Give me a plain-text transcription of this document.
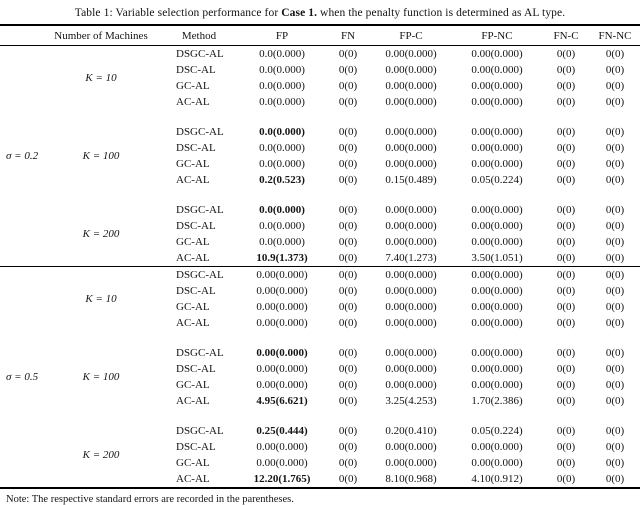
Table 1: Variable selection performance for Case 1. when the penalty function is determined as AL type.
	Number of Machines	Method	FP	FN	FP-C	FP-NC	FN-C	FN-NC
σ = 0.2	K = 10	DSGC-AL	0.0(0.000)	0(0)	0.00(0.000)	0.00(0.000)	0(0)	0(0)
		DSC-AL	0.0(0.000)	0(0)	0.00(0.000)	0.00(0.000)	0(0)	0(0)
		GC-AL	0.0(0.000)	0(0)	0.00(0.000)	0.00(0.000)	0(0)	0(0)
		AC-AL	0.0(0.000)	0(0)	0.00(0.000)	0.00(0.000)	0(0)	0(0)

	K = 100	DSGC-AL	0.0(0.000)	0(0)	0.00(0.000)	0.00(0.000)	0(0)	0(0)
		DSC-AL	0.0(0.000)	0(0)	0.00(0.000)	0.00(0.000)	0(0)	0(0)
		GC-AL	0.0(0.000)	0(0)	0.00(0.000)	0.00(0.000)	0(0)	0(0)
		AC-AL	0.2(0.523)	0(0)	0.15(0.489)	0.05(0.224)	0(0)	0(0)

	K = 200	DSGC-AL	0.0(0.000)	0(0)	0.00(0.000)	0.00(0.000)	0(0)	0(0)
		DSC-AL	0.0(0.000)	0(0)	0.00(0.000)	0.00(0.000)	0(0)	0(0)
		GC-AL	0.0(0.000)	0(0)	0.00(0.000)	0.00(0.000)	0(0)	0(0)
		AC-AL	10.9(1.373)	0(0)	7.40(1.273)	3.50(1.051)	0(0)	0(0)
σ = 0.5	K = 10	DSGC-AL	0.00(0.000)	0(0)	0.00(0.000)	0.00(0.000)	0(0)	0(0)
		DSC-AL	0.00(0.000)	0(0)	0.00(0.000)	0.00(0.000)	0(0)	0(0)
		GC-AL	0.00(0.000)	0(0)	0.00(0.000)	0.00(0.000)	0(0)	0(0)
		AC-AL	0.00(0.000)	0(0)	0.00(0.000)	0.00(0.000)	0(0)	0(0)

	K = 100	DSGC-AL	0.00(0.000)	0(0)	0.00(0.000)	0.00(0.000)	0(0)	0(0)
		DSC-AL	0.00(0.000)	0(0)	0.00(0.000)	0.00(0.000)	0(0)	0(0)
		GC-AL	0.00(0.000)	0(0)	0.00(0.000)	0.00(0.000)	0(0)	0(0)
		AC-AL	4.95(6.621)	0(0)	3.25(4.253)	1.70(2.386)	0(0)	0(0)

	K = 200	DSGC-AL	0.25(0.444)	0(0)	0.20(0.410)	0.05(0.224)	0(0)	0(0)
		DSC-AL	0.00(0.000)	0(0)	0.00(0.000)	0.00(0.000)	0(0)	0(0)
		GC-AL	0.00(0.000)	0(0)	0.00(0.000)	0.00(0.000)	0(0)	0(0)
		AC-AL	12.20(1.765)	0(0)	8.10(0.968)	4.10(0.912)	0(0)	0(0)
Note: The respective standard errors are recorded in the parentheses.
